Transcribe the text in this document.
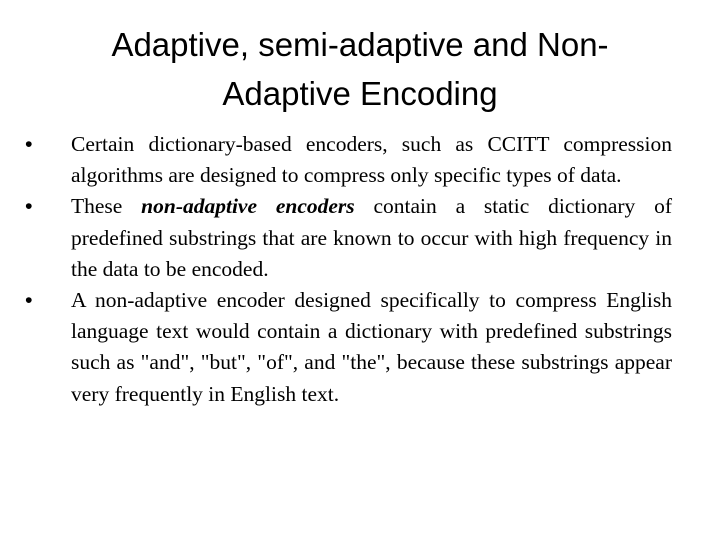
Adaptive, semi-adaptive and Non-
Adaptive Encoding
•	Certain dictionary-based encoders, such as CCITT compression algorithms are designed to compress only specific types of data.
•	These non-adaptive encoders contain a static dictionary of predefined substrings that are known to occur with high frequency in the data to be encoded.
•	A non-adaptive encoder designed specifically to compress English language text would contain a dictionary with predefined substrings such as "and", "but", "of", and "the", because these substrings appear very frequently in English text.
